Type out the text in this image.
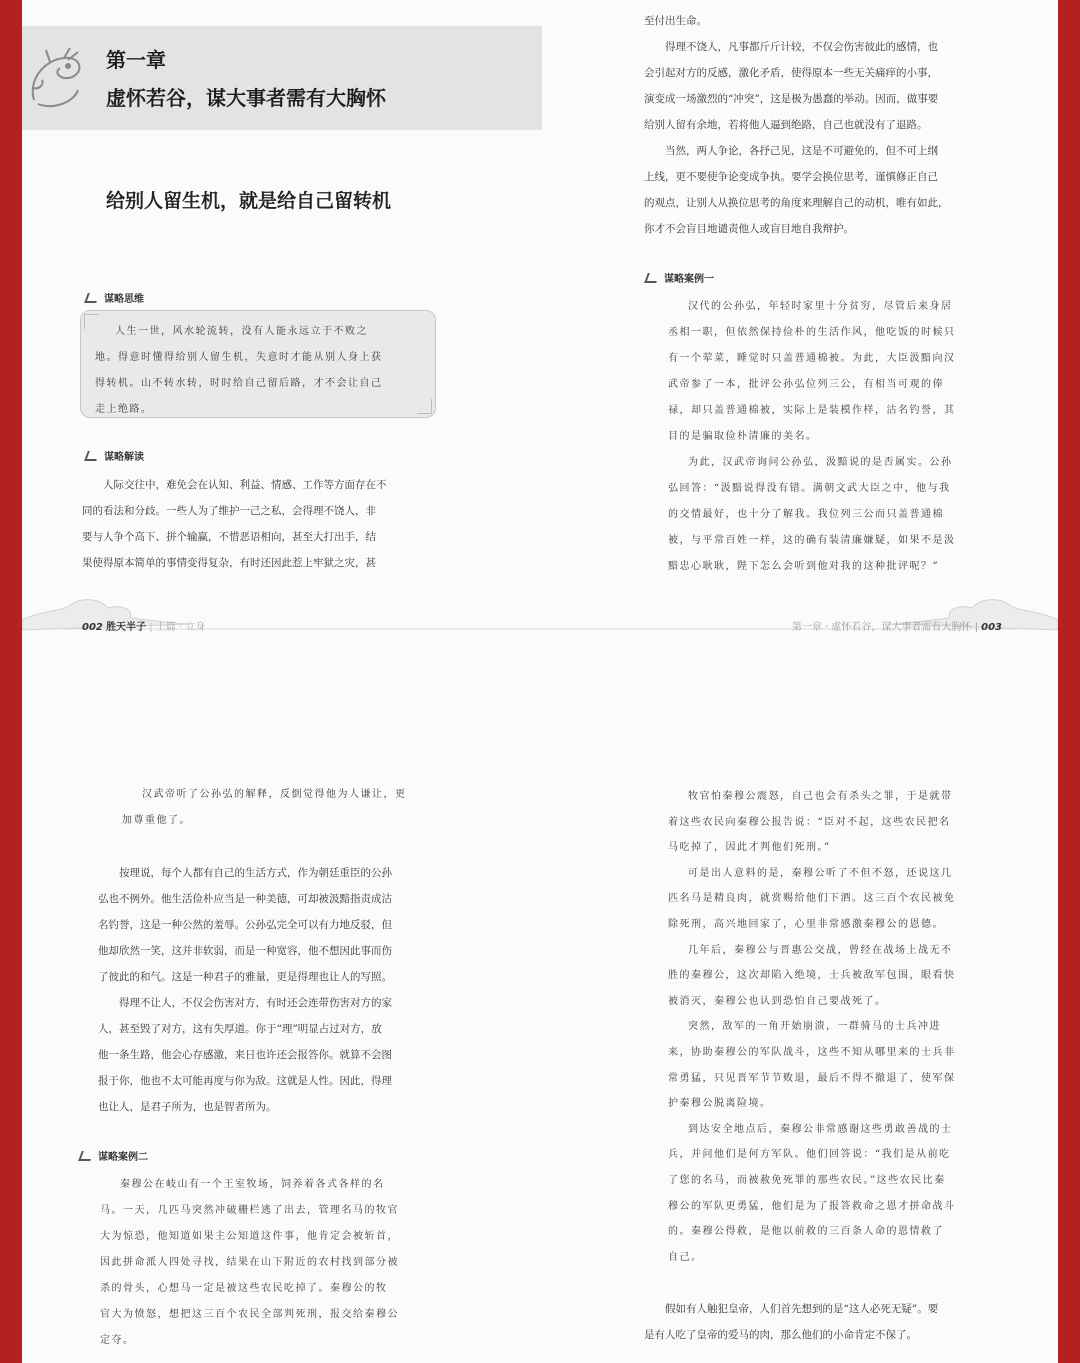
第一章
虚怀若谷，谋大事者需有大胸怀
给别人留生机，就是给自己留转机
谋略思维

人生一世，风水轮流转，没有人能永远立于不败之

地。得意时懂得给别人留生机，失意时才能从别人身上获

得转机。山不转水转，时时给自己留后路，才不会让自己

走上绝路。

谋略解读

人际交往中，难免会在认知、利益、情感、工作等方面存在不

同的看法和分歧。一些人为了维护一己之私，会得理不饶人，非

要与人争个高下、拼个输赢，不惜恶语相向，甚至大打出手，结

果使得原本简单的事情变得复杂，有时还因此惹上牢狱之灾，甚

至付出生命。

得理不饶人，凡事都斤斤计较，不仅会伤害彼此的感情，也

会引起对方的反感，激化矛盾，使得原本一些无关痛痒的小事，

演变成一场激烈的“冲突”，这是极为愚蠢的举动。因而，做事要

给别人留有余地，若将他人逼到绝路，自己也就没有了退路。

当然，两人争论，各抒己见，这是不可避免的，但不可上纲

上线，更不要使争论变成争执。要学会换位思考，谨慎修正自己

的观点，让别人从换位思考的角度来理解自己的动机，唯有如此，

你才不会盲目地谴责他人或盲目地自我辩护。

谋略案例一

汉代的公孙弘，年轻时家里十分贫穷，尽管后来身居

丞相一职，但依然保持俭朴的生活作风，他吃饭的时候只

有一个荤菜，睡觉时只盖普通棉被。为此，大臣汲黯向汉

武帝参了一本，批评公孙弘位列三公，有相当可观的俸

禄，却只盖普通棉被，实际上是装模作样，沽名钓誉，其

目的是骗取俭朴清廉的美名。

为此，汉武帝询问公孙弘，汲黯说的是否属实。公孙

弘回答：“汲黯说得没有错。满朝文武大臣之中，他与我

的交情最好，也十分了解我。我位列三公而只盖普通棉

被，与平常百姓一样，这的确有装清廉嫌疑，如果不是汲

黯忠心耿耿，陛下怎么会听到他对我的这种批评呢？”

002 胜天半子 | 上篇 · 立身	第一章 · 虚怀若谷，谋大事者需有大胸怀 | 003

汉武帝听了公孙弘的解释，反倒觉得他为人谦让，更

加尊重他了。

按理说，每个人都有自己的生活方式，作为朝廷重臣的公孙

弘也不例外。他生活俭朴应当是一种美德，可却被汲黯指责成沽

名钓誉，这是一种公然的羞辱。公孙弘完全可以有力地反驳，但

他却欣然一笑，这并非软弱，而是一种宽容，他不想因此事而伤

了彼此的和气。这是一种君子的雅量，更是得理也让人的写照。

得理不让人，不仅会伤害对方，有时还会连带伤害对方的家

人，甚至毁了对方，这有失厚道。你于“理”明显占过对方，放

他一条生路，他会心存感激，来日也许还会报答你。就算不会图

报于你，他也不太可能再度与你为敌。这就是人性。因此，得理

也让人，是君子所为，也是智者所为。

谋略案例二

秦穆公在岐山有一个王室牧场，饲养着各式各样的名

马。一天，几匹马突然冲破栅栏逃了出去，管理名马的牧官

大为惊恐，他知道如果主公知道这件事，他肯定会被斩首，

因此拼命派人四处寻找，结果在山下附近的农村找到部分被

杀的骨头，心想马一定是被这些农民吃掉了。秦穆公的牧

官大为愤怒，想把这三百个农民全部判死刑，报交给秦穆公

定夺。

牧官怕秦穆公震怒，自己也会有杀头之罪，于是就带

着这些农民向秦穆公报告说：“臣对不起，这些农民把名

马吃掉了，因此才判他们死刑。”

可是出人意料的是，秦穆公听了不但不怒，还说这几

匹名马是精良肉，就赏赐给他们下酒。这三百个农民被免

除死刑，高兴地回家了，心里非常感激秦穆公的恩德。

几年后，秦穆公与晋惠公交战，曾经在战场上战无不

胜的秦穆公，这次却陷入绝境，士兵被敌军包围，眼看快

被消灭，秦穆公也认到恐怕自己要战死了。

突然，敌军的一角开始崩溃，一群骑马的士兵冲进

来，协助秦穆公的军队战斗，这些不知从哪里来的士兵非

常勇猛，只见晋军节节败退，最后不得不撤退了，使军保

护秦穆公脱离险境。

到达安全地点后，秦穆公非常感谢这些勇敢善战的士

兵，并问他们是何方军队。他们回答说：“我们是从前吃

了您的名马，而被赦免死罪的那些农民。”这些农民比秦

穆公的军队更勇猛，他们是为了报答救命之恩才拼命战斗

的。秦穆公得救，是他以前救的三百条人命的恩情救了

自己。

假如有人触犯皇帝，人们首先想到的是“这人必死无疑”。要

是有人吃了皇帝的爱马的肉，那么他们的小命肯定不保了。
